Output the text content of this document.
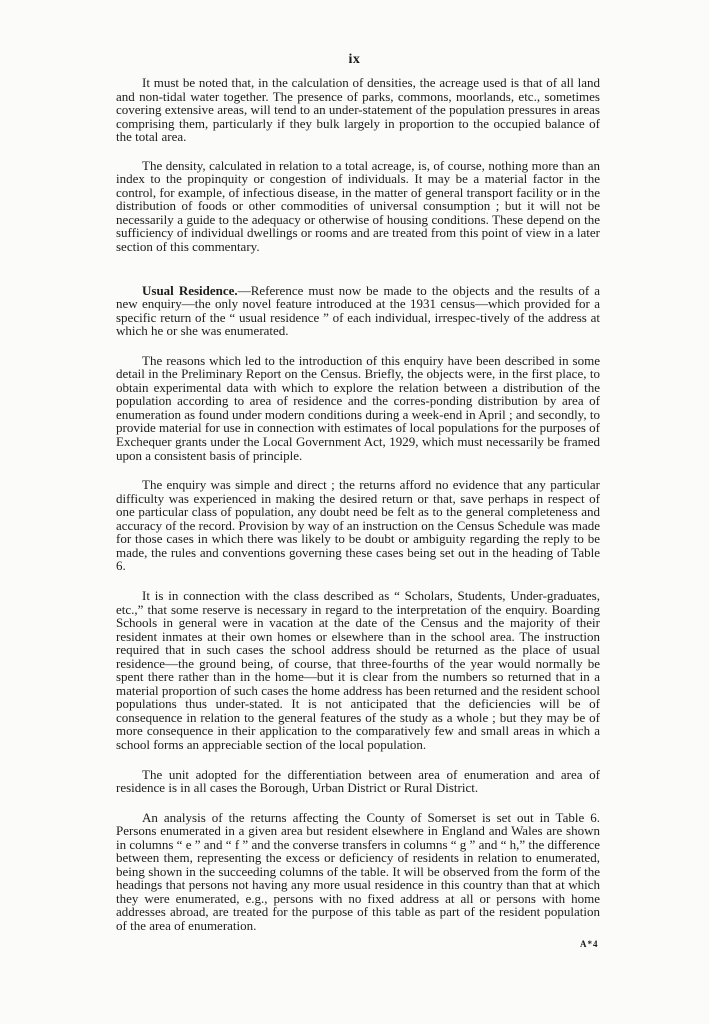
ix

It must be noted that, in the calculation of densities, the acreage used is that of all land and non-tidal water together. The presence of parks, commons, moorlands, etc., sometimes covering extensive areas, will tend to an under-statement of the population pressures in areas comprising them, particularly if they bulk largely in proportion to the occupied balance of the total area.

The density, calculated in relation to a total acreage, is, of course, nothing more than an index to the propinquity or congestion of individuals. It may be a material factor in the control, for example, of infectious disease, in the matter of general transport facility or in the distribution of foods or other commodities of universal consumption ; but it will not be necessarily a guide to the adequacy or otherwise of housing conditions. These depend on the sufficiency of individual dwellings or rooms and are treated from this point of view in a later section of this commentary.

Usual Residence.—Reference must now be made to the objects and the results of a new enquiry—the only novel feature introduced at the 1931 census—which provided for a specific return of the “ usual residence ” of each individual, irrespec-tively of the address at which he or she was enumerated.

The reasons which led to the introduction of this enquiry have been described in some detail in the Preliminary Report on the Census. Briefly, the objects were, in the first place, to obtain experimental data with which to explore the relation between a distribution of the population according to area of residence and the corres-ponding distribution by area of enumeration as found under modern conditions during a week-end in April ; and secondly, to provide material for use in connection with estimates of local populations for the purposes of Exchequer grants under the Local Government Act, 1929, which must necessarily be framed upon a consistent basis of principle.

The enquiry was simple and direct ; the returns afford no evidence that any particular difficulty was experienced in making the desired return or that, save perhaps in respect of one particular class of population, any doubt need be felt as to the general completeness and accuracy of the record. Provision by way of an instruction on the Census Schedule was made for those cases in which there was likely to be doubt or ambiguity regarding the reply to be made, the rules and conventions governing these cases being set out in the heading of Table 6.

It is in connection with the class described as “ Scholars, Students, Under-graduates, etc.,” that some reserve is necessary in regard to the interpretation of the enquiry. Boarding Schools in general were in vacation at the date of the Census and the majority of their resident inmates at their own homes or elsewhere than in the school area. The instruction required that in such cases the school address should be returned as the place of usual residence—the ground being, of course, that three-fourths of the year would normally be spent there rather than in the home—but it is clear from the numbers so returned that in a material proportion of such cases the home address has been returned and the resident school populations thus under-stated. It is not anticipated that the deficiencies will be of consequence in relation to the general features of the study as a whole ; but they may be of more consequence in their application to the comparatively few and small areas in which a school forms an appreciable section of the local population.

The unit adopted for the differentiation between area of enumeration and area of residence is in all cases the Borough, Urban District or Rural District.

An analysis of the returns affecting the County of Somerset is set out in Table 6. Persons enumerated in a given area but resident elsewhere in England and Wales are shown in columns “ e ” and “ f ” and the converse transfers in columns “ g ” and “ h,” the difference between them, representing the excess or deficiency of residents in relation to enumerated, being shown in the succeeding columns of the table. It will be observed from the form of the headings that persons not having any more usual residence in this country than that at which they were enumerated, e.g., persons with no fixed address at all or persons with home addresses abroad, are treated for the purpose of this table as part of the resident population of the area of enumeration.

A*4
